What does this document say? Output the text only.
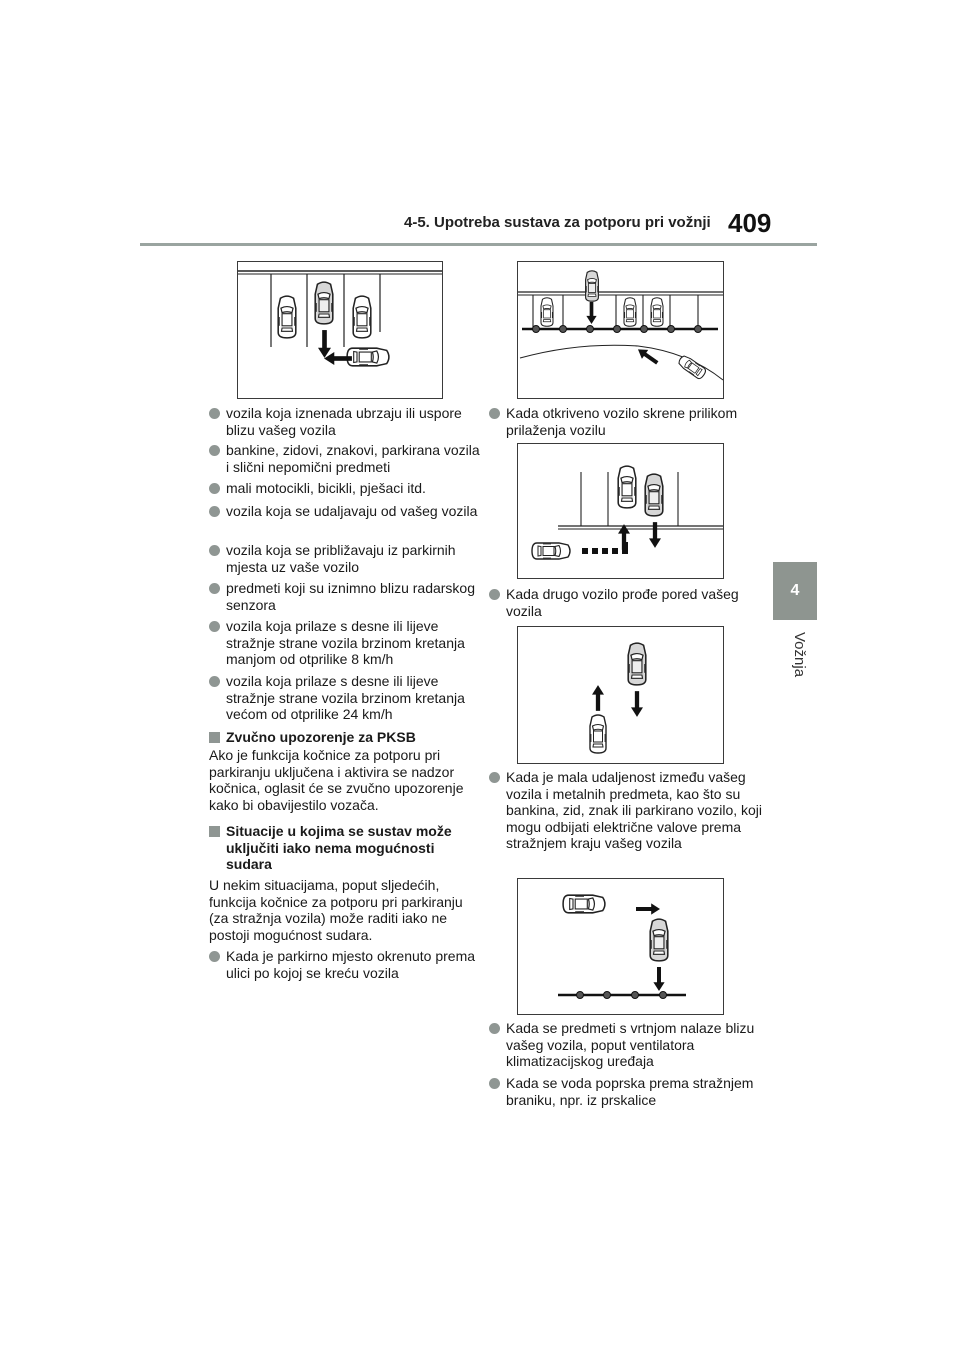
4-5. Upotreba sustava za potporu pri vožnji 409
4
Vožnja
vozila koja iznenada ubrzaju ili uspore blizu vašeg vozila
bankine, zidovi, znakovi, parkirana vozila i slični nepomični predmeti
mali motocikli, bicikli, pješaci itd.
vozila koja se udaljavaju od vašeg vozila
vozila koja se približavaju iz parkirnih mjesta uz vaše vozilo
predmeti koji su iznimno blizu radarskog senzora
vozila koja prilaze s desne ili lijeve stražnje strane vozila brzinom kretanja manjom od otprilike 8 km/h
vozila koja prilaze s desne ili lijeve stražnje strane vozila brzinom kretanja većom od otprilike 24 km/h
Zvučno upozorenje za PKSB
Ako je funkcija kočnice za potporu pri parkiranju uključena i aktivira se nadzor kočnica, oglasit će se zvučno upozorenje kako bi obavijestilo vozača.
Situacije u kojima se sustav može uključiti iako nema mogućnosti sudara
U nekim situacijama, poput sljedećih, funkcija kočnice za potporu pri parkiranju (za stražnja vozila) može raditi iako ne postoji mogućnost sudara.
Kada je parkirno mjesto okrenuto prema ulici po kojoj se kreću vozila
Kada otkriveno vozilo skrene prilikom prilaženja vozilu
Kada drugo vozilo prođe pored vašeg vozila
Kada je mala udaljenost između vašeg vozila i metalnih predmeta, kao što su bankina, zid, znak ili parkirano vozilo, koji mogu odbijati električne valove prema stražnjem kraju vašeg vozila
Kada se predmeti s vrtnjom nalaze blizu vašeg vozila, poput ventilatora klimatizacijskog uređaja
Kada se voda poprska prema stražnjem braniku, npr. iz prskalice
